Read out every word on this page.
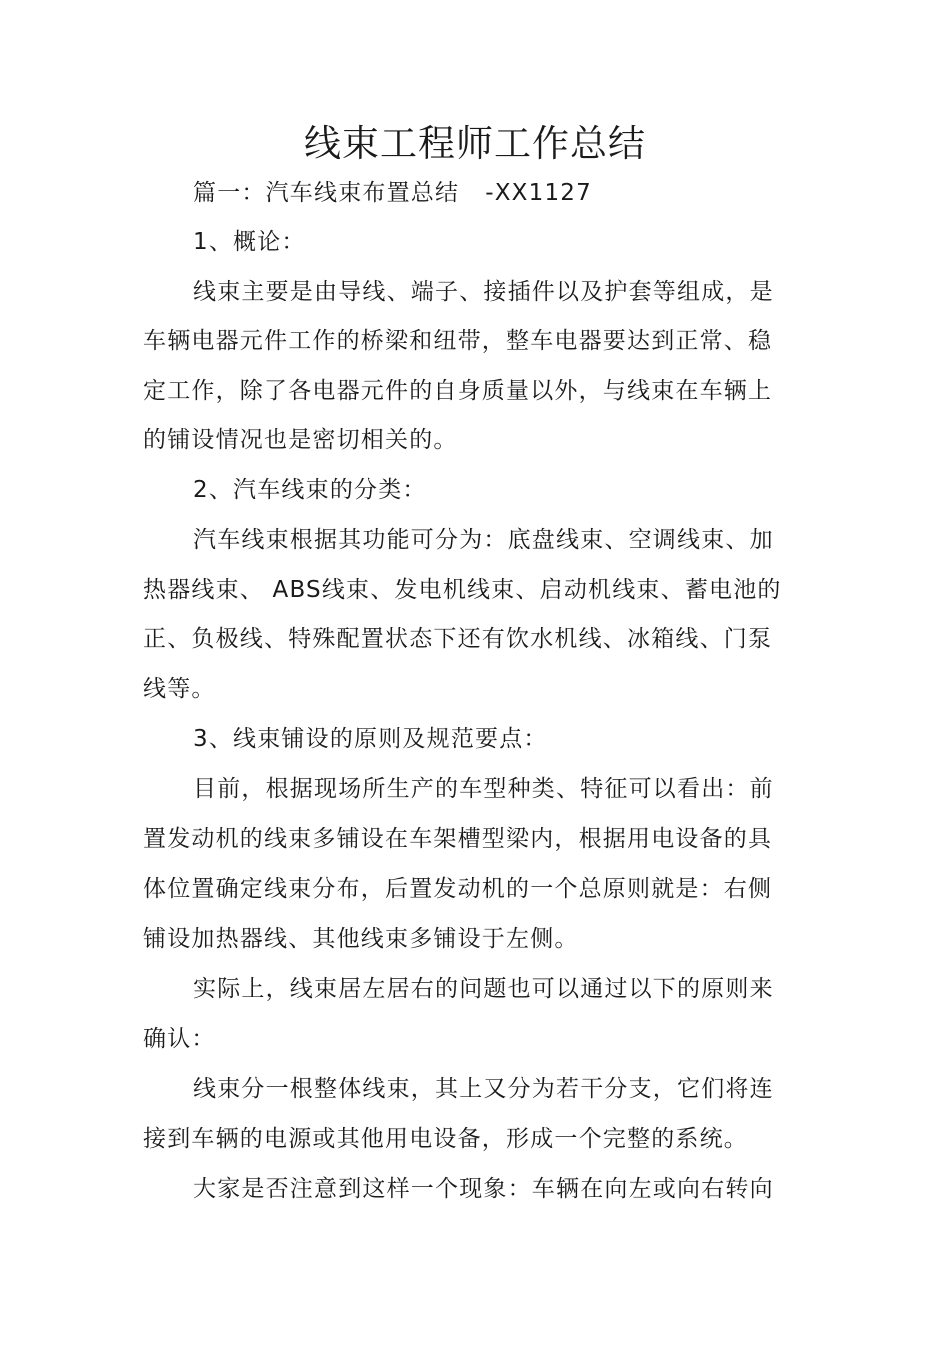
线束工程师工作总结
篇一：汽车线束布置总结 -XX1127
1、概论：
线束主要是由导线、端子、接插件以及护套等组成，是
车辆电器元件工作的桥梁和纽带，整车电器要达到正常、稳
定工作，除了各电器元件的自身质量以外，与线束在车辆上
的铺设情况也是密切相关的。
2、汽车线束的分类：
汽车线束根据其功能可分为：底盘线束、空调线束、加
热器线束、 ABS线束、发电机线束、启动机线束、蓄电池的
正、负极线、特殊配置状态下还有饮水机线、冰箱线、门泵
线等。
3、线束铺设的原则及规范要点：
目前，根据现场所生产的车型种类、特征可以看出：前
置发动机的线束多铺设在车架槽型梁内，根据用电设备的具
体位置确定线束分布，后置发动机的一个总原则就是：右侧
铺设加热器线、其他线束多铺设于左侧。
实际上，线束居左居右的问题也可以通过以下的原则来
确认：
线束分一根整体线束，其上又分为若干分支，它们将连
接到车辆的电源或其他用电设备，形成一个完整的系统。
大家是否注意到这样一个现象：车辆在向左或向右转向
